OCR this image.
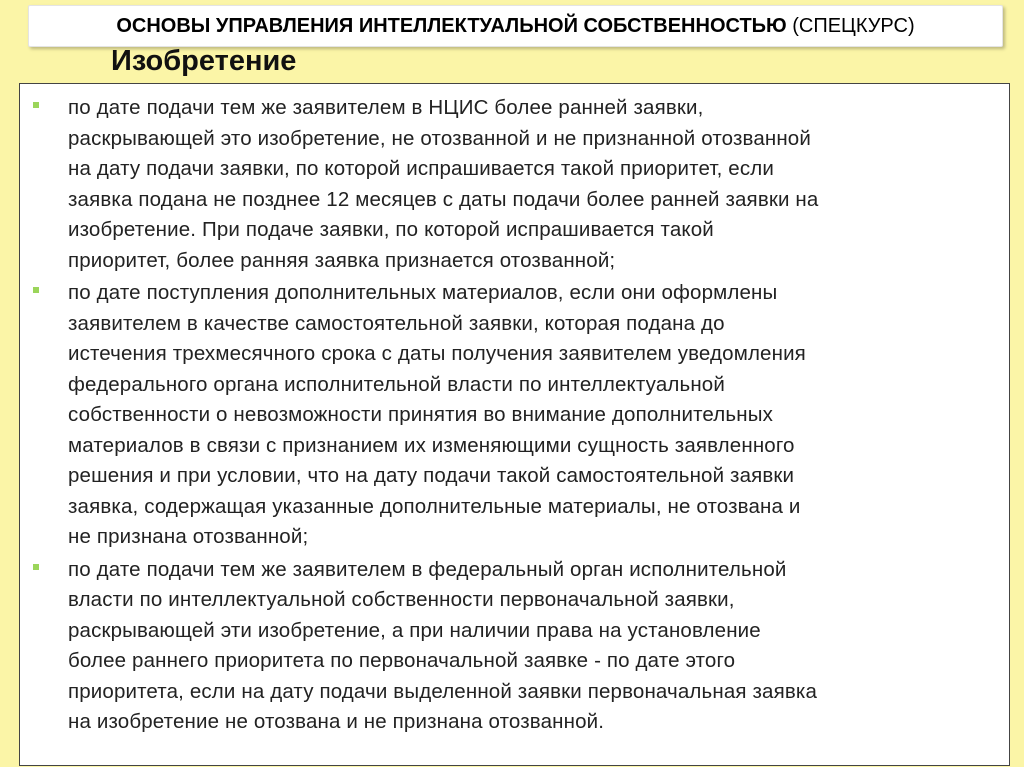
ОСНОВЫ УПРАВЛЕНИЯ ИНТЕЛЛЕКТУАЛЬНОЙ СОБСТВЕННОСТЬЮ (СПЕЦКУРС)
Изобретение
по дате подачи тем же заявителем в НЦИС более ранней заявки,
раскрывающей это изобретение, не отозванной и не признанной отозванной
на дату подачи заявки, по которой испрашивается такой приоритет, если
заявка подана не позднее 12 месяцев с даты подачи более ранней заявки на
изобретение. При подаче заявки, по которой испрашивается такой
приоритет, более ранняя заявка признается отозванной;
по дате поступления дополнительных материалов, если они оформлены
заявителем в качестве самостоятельной заявки, которая подана до
истечения трехмесячного срока с даты получения заявителем уведомления
федерального органа исполнительной власти по интеллектуальной
собственности о невозможности принятия во внимание дополнительных
материалов в связи с признанием их изменяющими сущность заявленного
решения и при условии, что на дату подачи такой самостоятельной заявки
заявка, содержащая указанные дополнительные материалы, не отозвана и
не признана отозванной;
по дате подачи тем же заявителем в федеральный орган исполнительной
власти по интеллектуальной собственности первоначальной заявки,
раскрывающей эти изобретение, а при наличии права на установление
более раннего приоритета по первоначальной заявке - по дате этого
приоритета, если на дату подачи выделенной заявки первоначальная заявка
на изобретение не отозвана и не признана отозванной.
